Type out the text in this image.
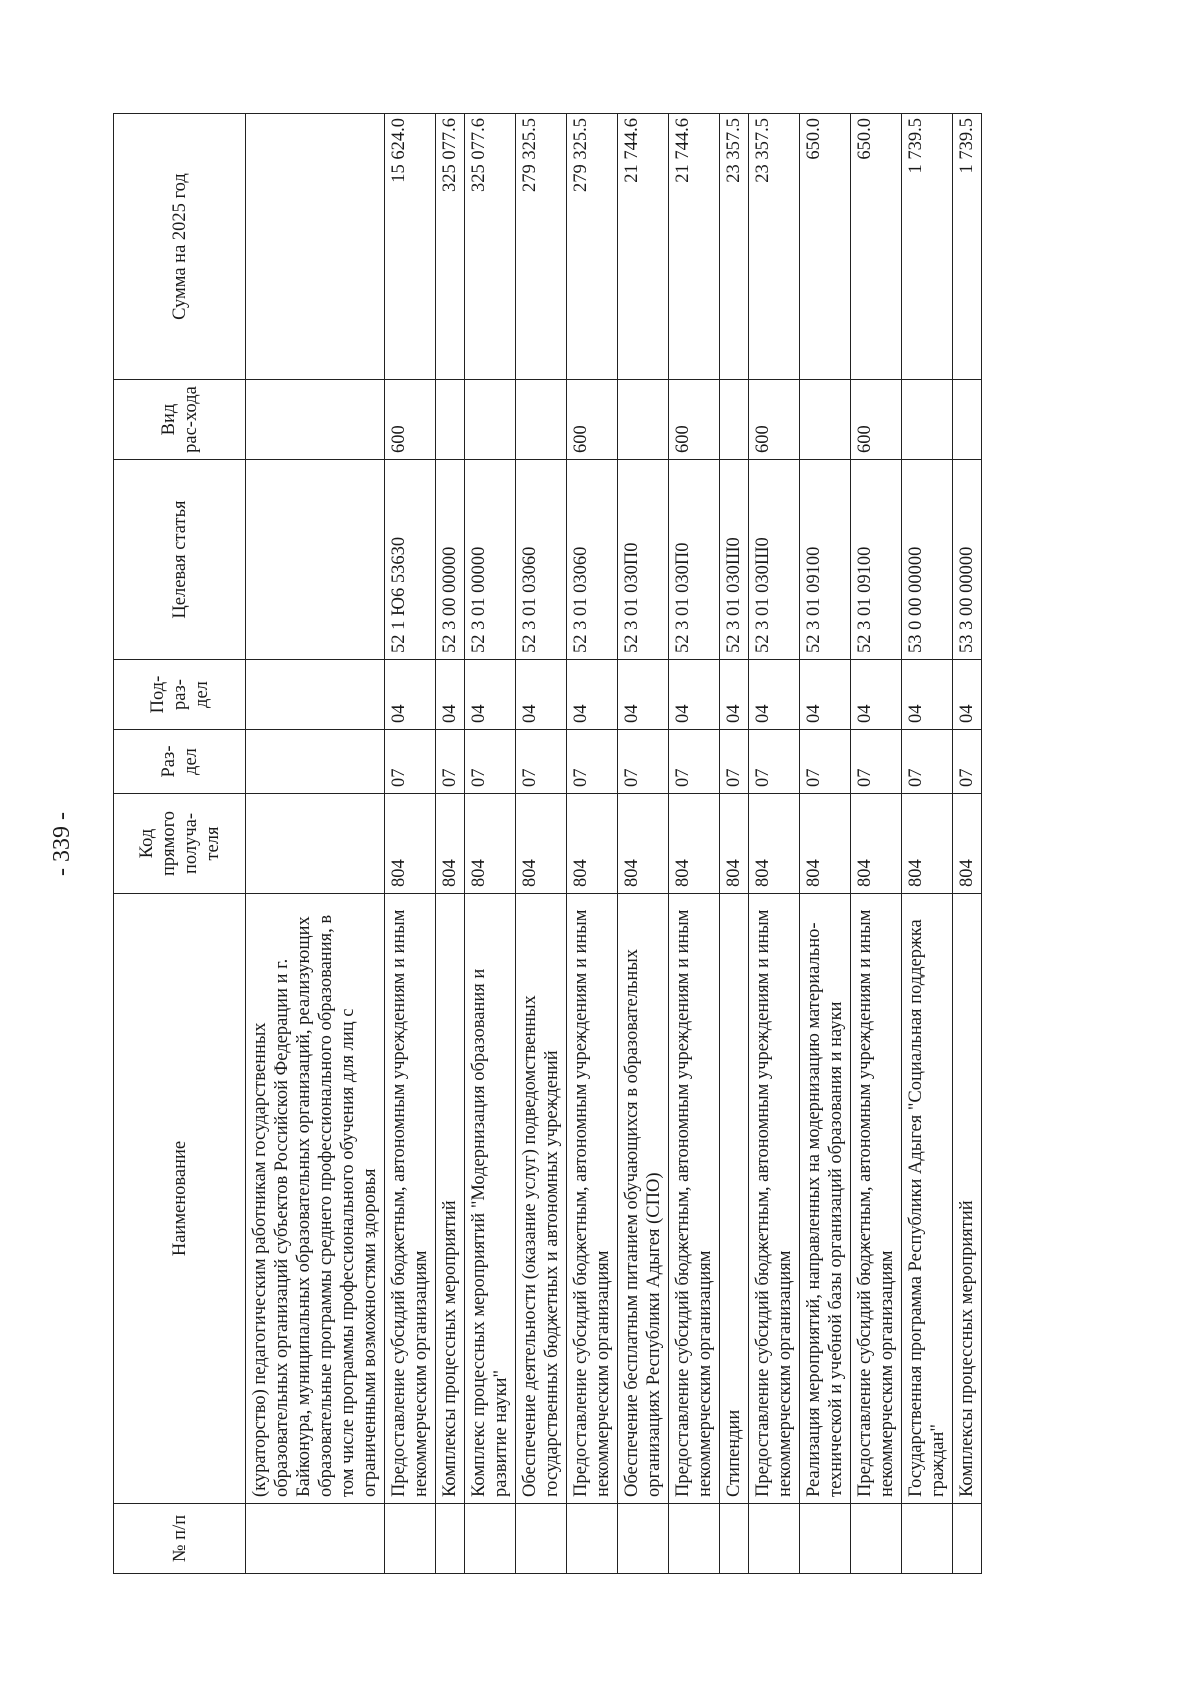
- 339 -
№ п/п	Наименование	Код прямого получа-теля	Раз-дел	Под-раз-дел	Целевая статья	Вид рас-хода	Сумма на 2025 год
	(кураторство) педагогическим работникам государственных образовательных организаций субъектов Российской Федерации и г. Байконура, муниципальных образовательных организаций, реализующих образовательные программы среднего профессионального образования, в том числе программы профессионального обучения для лиц с ограниченными возможностями здоровья						
	Предоставление субсидий бюджетным, автономным учреждениям и иным некоммерческим организациям	804	07	04	52 1 Ю6 53630	600	15 624.0
	Комплексы процессных мероприятий	804	07	04	52 3 00 00000		325 077.6
	Комплекс процессных мероприятий "Модернизация образования и развитие науки"	804	07	04	52 3 01 00000		325 077.6
	Обеспечение деятельности (оказание услуг) подведомственных государственных бюджетных и автономных учреждений	804	07	04	52 3 01 03060		279 325.5
	Предоставление субсидий бюджетным, автономным учреждениям и иным некоммерческим организациям	804	07	04	52 3 01 03060	600	279 325.5
	Обеспечение бесплатным питанием обучающихся в образовательных организациях Республики Адыгея (СПО)	804	07	04	52 3 01 030П0		21 744.6
	Предоставление субсидий бюджетным, автономным учреждениям и иным некоммерческим организациям	804	07	04	52 3 01 030П0	600	21 744.6
	Стипендии	804	07	04	52 3 01 030Ш0		23 357.5
	Предоставление субсидий бюджетным, автономным учреждениям и иным некоммерческим организациям	804	07	04	52 3 01 030Ш0	600	23 357.5
	Реализация мероприятий, направленных на модернизацию материально-технической и учебной базы организаций образования и науки	804	07	04	52 3 01 09100		650.0
	Предоставление субсидий бюджетным, автономным учреждениям и иным некоммерческим организациям	804	07	04	52 3 01 09100	600	650.0
	Государственная программа Республики Адыгея "Социальная поддержка граждан"	804	07	04	53 0 00 00000		1 739.5
	Комплексы процессных мероприятий	804	07	04	53 3 00 00000		1 739.5
